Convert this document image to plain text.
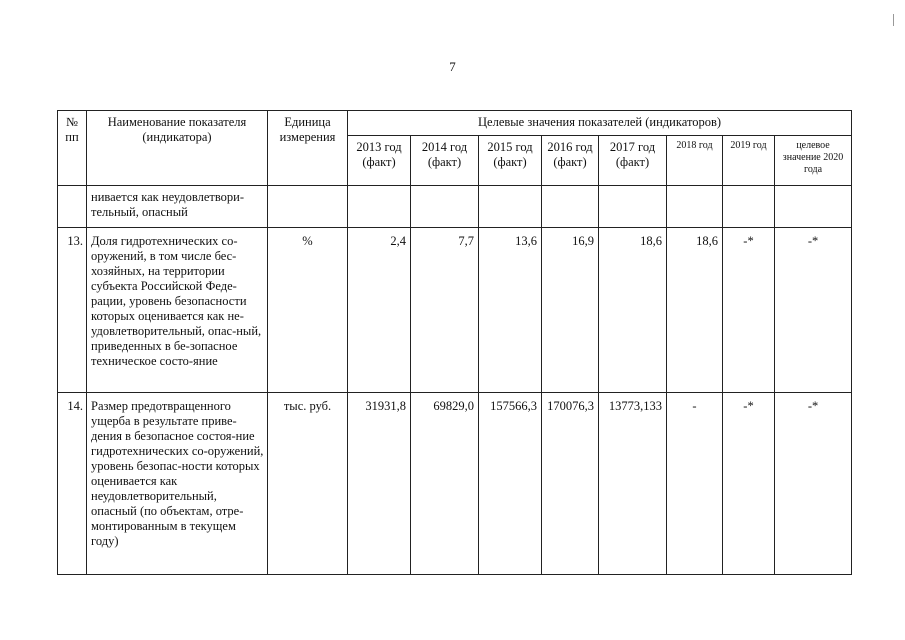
7
№ пп	Наименование показателя (индикатора)	Единица измерения	Целевые значения показателей (индикаторов)							
			2013 год (факт)	2014 год (факт)	2015 год (факт)	2016 год (факт)	2017 год (факт)	2018 год	2019 год	целевое значение 2020 года
	нивается как неудовлетвори-тельный, опасный									
13.	Доля гидротехнических со-оружений, в том числе бес-хозяйных, на территории субъекта Российской Феде-рации, уровень безопасности которых оценивается как не-удовлетворительный, опас-ный, приведенных в бе-зопасное техническое состо-яние	%	2,4	7,7	13,6	16,9	18,6	18,6	-*	-*
14.	Размер предотвращенного ущерба в результате приве-дения в безопасное состоя-ние гидротехнических со-оружений, уровень безопас-ности которых оценивается как неудовлетворительный, опасный (по объектам, отре-монтированным в текущем году)	тыс. руб.	31931,8	69829,0	157566,3	170076,3	13773,133	-	-*	-*
